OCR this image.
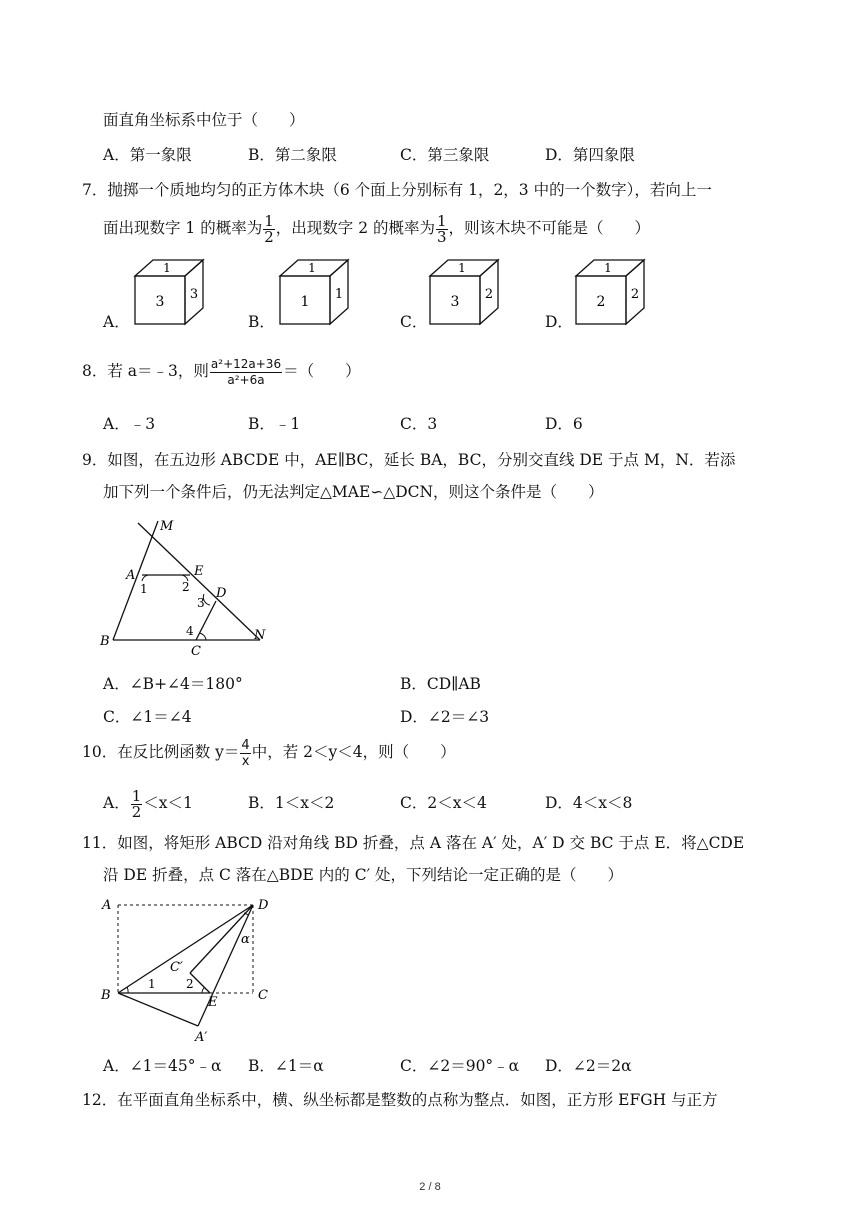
面直角坐标系中位于（　　）
A．第一象限	B．第二象限	C．第三象限	D．第四象限
7．抛掷一个质地均匀的正方体木块（6 个面上分别标有 1，2，3 中的一个数字），若向上一
面出现数字 1 的概率为 $\frac{1}{2}$ ，出现数字 2 的概率为 $\frac{1}{3}$ ，则该木块不可能是（　　）
A．
1
3 3
B．
1
1 1
C．
1
3 2
D．
1
2 2
8．若 a＝﹣3，则 $\frac{\text{a²+12a+36}}{\text{a²+6a}}$ ＝（　　）
A．﹣3	B．﹣1	C．3	D．6
9．如图，在五边形 ABCDE 中，AE∥BC，延长 BA，BC，分别交直线 DE 于点 M，N．若添
加下列一个条件后，仍无法判定△MAE∽△DCN，则这个条件是（　　）
M
A	E
D
B
C
N
1	2
3
4
A．∠B+∠4＝180°	B．CD∥AB
C．∠1＝∠4	D．∠2＝∠3
10．在反比例函数 $y= \frac{4}{x}$ 中，若 2＜y＜4，则（　　）
A． $\frac{1}{2} <x<1$	B．1＜x＜2	C．2＜x＜4	D．4＜x＜8
11．如图，将矩形 ABCD 沿对角线 BD 折叠，点 A 落在 A′ 处，A′ D 交 BC 于点 E．将△CDE
沿 DE 折叠，点 C 落在△BDE 内的 C′ 处，下列结论一定正确的是（　　）
A	D
B	C
E
C′
A′
1	2
α
A．∠1＝45°﹣α B．∠1＝α	C．∠2＝90°﹣α D．∠2＝2α
12．在平面直角坐标系中，横、纵坐标都是整数的点称为整点．如图，正方形 EFGH 与正方
2 / 8
